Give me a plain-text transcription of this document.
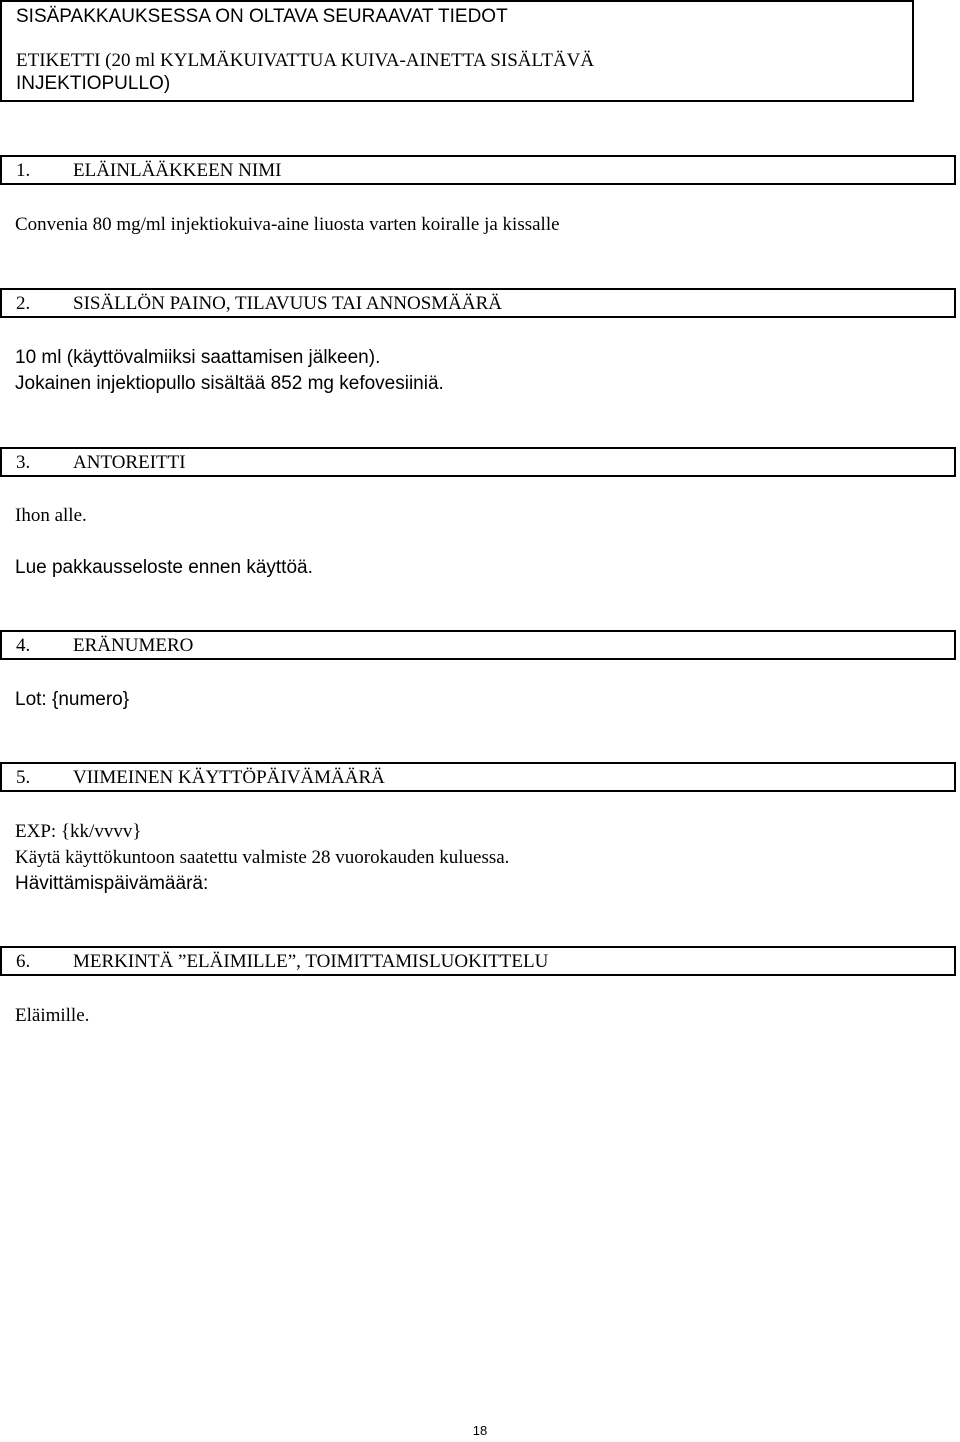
SISÄPAKKAUKSESSA ON OLTAVA SEURAAVAT TIEDOT
ETIKETTI (20 ml KYLMÄKUIVATTUA KUIVA-AINETTA SISÄLTÄVÄ
INJEKTIOPULLO)
1. ELÄINLÄÄKKEEN NIMI
Convenia 80 mg/ml injektiokuiva-aine liuosta varten koiralle ja kissalle
2. SISÄLLÖN PAINO, TILAVUUS TAI ANNOSMÄÄRÄ
10 ml (käyttövalmiiksi saattamisen jälkeen).
Jokainen injektiopullo sisältää 852 mg kefovesiiniä.
3. ANTOREITTI
Ihon alle.
Lue pakkausseloste ennen käyttöä.
4. ERÄNUMERO
Lot: {numero}
5. VIIMEINEN KÄYTTÖPÄIVÄMÄÄRÄ
EXP: {kk/vvvv}
Käytä käyttökuntoon saatettu valmiste 28 vuorokauden kuluessa.
Hävittämispäivämäärä:
6. MERKINTÄ ”ELÄIMILLE”, TOIMITTAMISLUOKITTELU
Eläimille.
18
